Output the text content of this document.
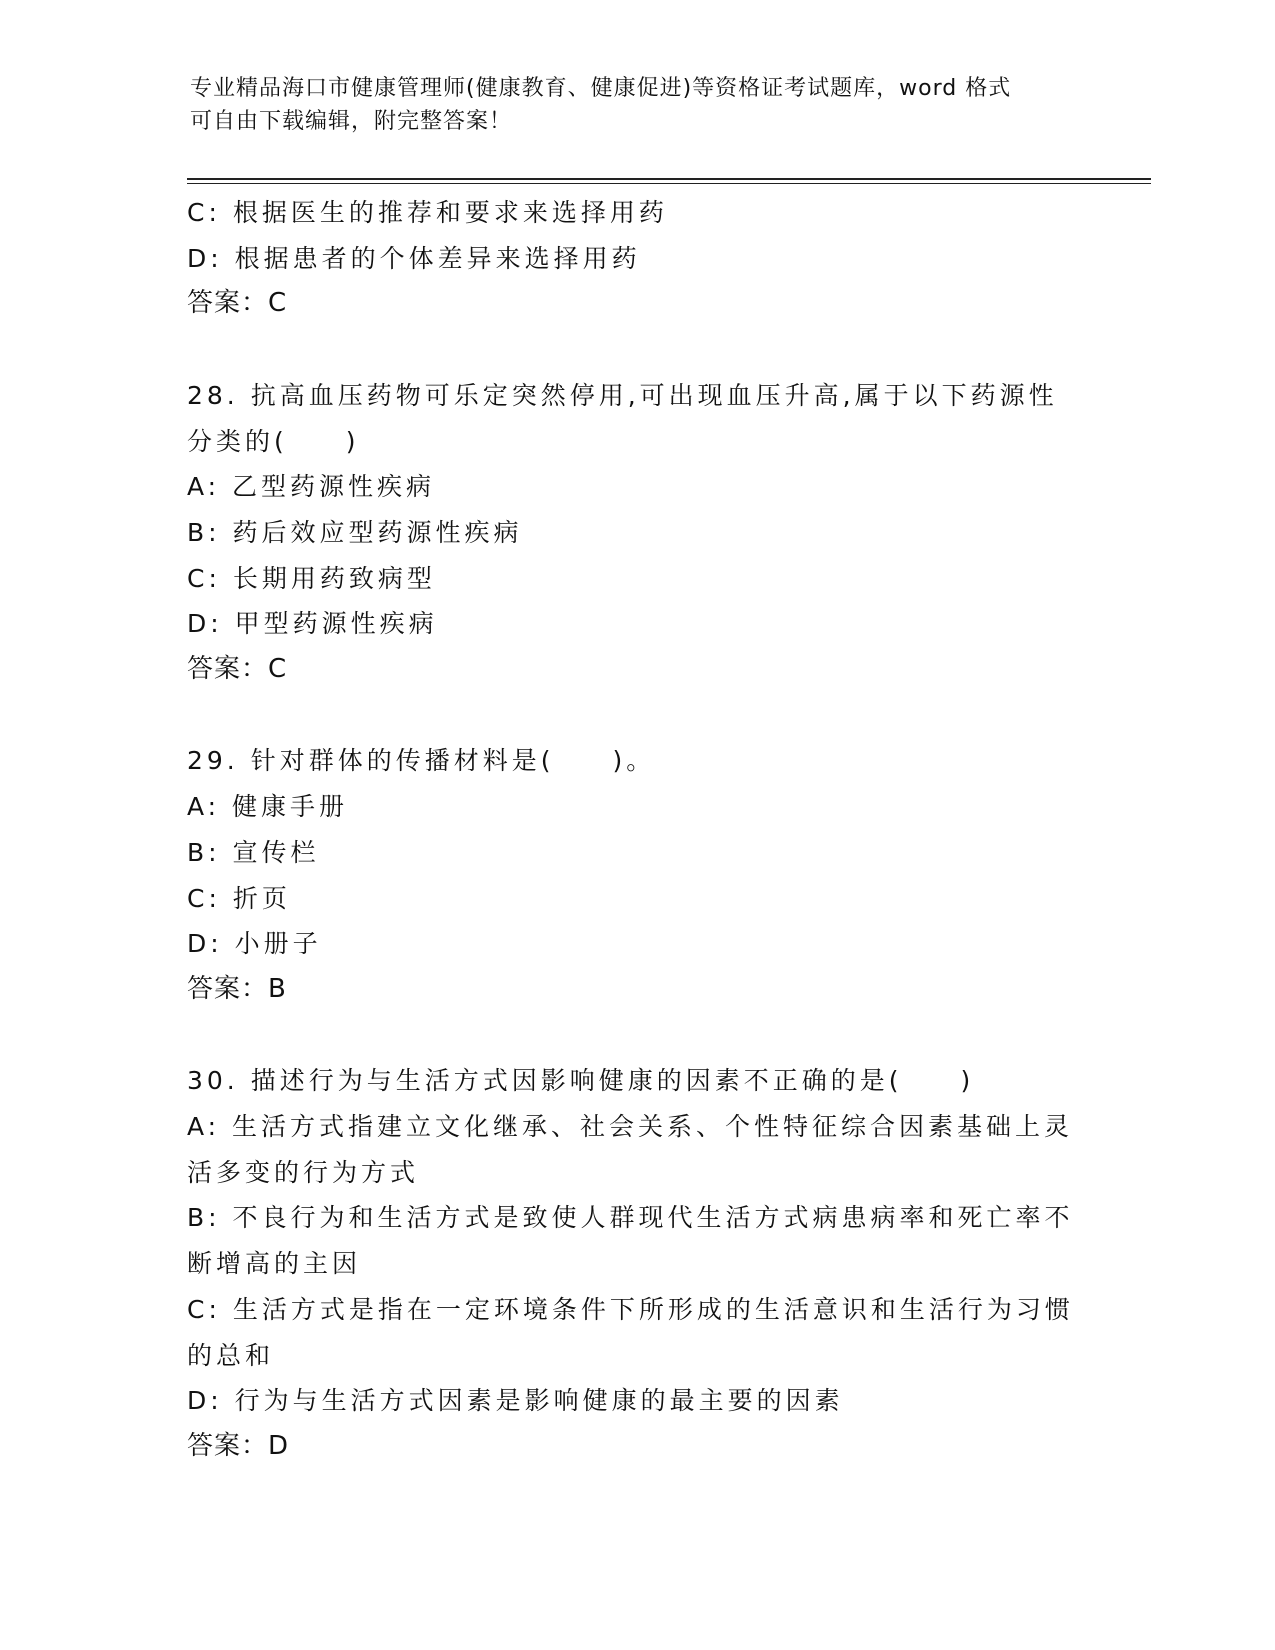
专业精品海口市健康管理师(健康教育、健康促进)等资格证考试题库，word 格式
可自由下载编辑，附完整答案！
C: 根据医生的推荐和要求来选择用药
D: 根据患者的个体差异来选择用药
答案：C
28. 抗高血压药物可乐定突然停用,可出现血压升高,属于以下药源性
分类的(　　)
A: 乙型药源性疾病
B: 药后效应型药源性疾病
C: 长期用药致病型
D: 甲型药源性疾病
答案：C
29. 针对群体的传播材料是(　　)。
A: 健康手册
B: 宣传栏
C: 折页
D: 小册子
答案：B
30. 描述行为与生活方式因影响健康的因素不正确的是(　　)
A: 生活方式指建立文化继承、社会关系、个性特征综合因素基础上灵
活多变的行为方式
B: 不良行为和生活方式是致使人群现代生活方式病患病率和死亡率不
断增高的主因
C: 生活方式是指在一定环境条件下所形成的生活意识和生活行为习惯
的总和
D: 行为与生活方式因素是影响健康的最主要的因素
答案：D
